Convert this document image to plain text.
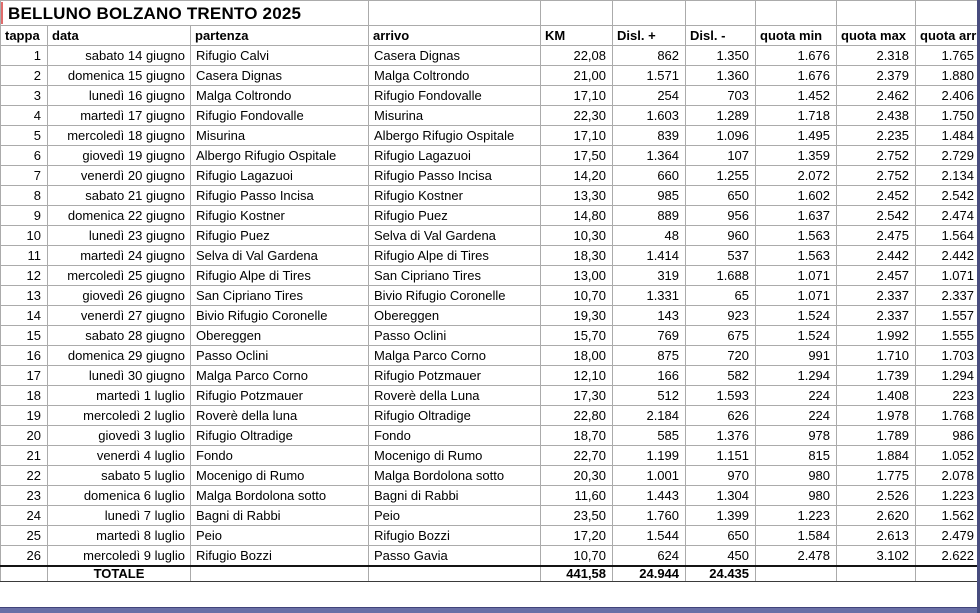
BELLUNO BOLZANO TRENTO 2025									
tappa	data	partenza	arrivo	KM	Disl. +	Disl. -	quota min	quota max	quota arr
1	sabato 14 giugno	Rifugio Calvi	Casera Dignas	22,08	862	1.350	1.676	2.318	1.765
2	domenica 15 giugno	Casera Dignas	Malga Coltrondo	21,00	1.571	1.360	1.676	2.379	1.880
3	lunedì 16 giugno	Malga Coltrondo	Rifugio Fondovalle	17,10	254	703	1.452	2.462	2.406
4	martedì 17 giugno	Rifugio Fondovalle	Misurina	22,30	1.603	1.289	1.718	2.438	1.750
5	mercoledì 18 giugno	Misurina	Albergo Rifugio Ospitale	17,10	839	1.096	1.495	2.235	1.484
6	giovedì 19 giugno	Albergo Rifugio Ospitale	Rifugio Lagazuoi	17,50	1.364	107	1.359	2.752	2.729
7	venerdì 20 giugno	Rifugio Lagazuoi	Rifugio Passo Incisa	14,20	660	1.255	2.072	2.752	2.134
8	sabato 21 giugno	Rifugio Passo Incisa	Rifugio Kostner	13,30	985	650	1.602	2.452	2.542
9	domenica 22 giugno	Rifugio Kostner	Rifugio Puez	14,80	889	956	1.637	2.542	2.474
10	lunedì 23 giugno	Rifugio Puez	Selva di Val Gardena	10,30	48	960	1.563	2.475	1.564
11	martedì 24 giugno	Selva di Val Gardena	Rifugio Alpe di Tires	18,30	1.414	537	1.563	2.442	2.442
12	mercoledì 25 giugno	Rifugio Alpe di Tires	San Cipriano Tires	13,00	319	1.688	1.071	2.457	1.071
13	giovedì 26 giugno	San Cipriano Tires	Bivio Rifugio Coronelle	10,70	1.331	65	1.071	2.337	2.337
14	venerdì 27 giugno	Bivio Rifugio Coronelle	Obereggen	19,30	143	923	1.524	2.337	1.557
15	sabato 28 giugno	Obereggen	Passo Oclini	15,70	769	675	1.524	1.992	1.555
16	domenica 29 giugno	Passo Oclini	Malga Parco Corno	18,00	875	720	991	1.710	1.703
17	lunedì 30 giugno	Malga Parco Corno	Rifugio Potzmauer	12,10	166	582	1.294	1.739	1.294
18	martedì 1 luglio	Rifugio Potzmauer	Roverè della Luna	17,30	512	1.593	224	1.408	223
19	mercoledì 2 luglio	Roverè della luna	Rifugio Oltradige	22,80	2.184	626	224	1.978	1.768
20	giovedì 3 luglio	Rifugio Oltradige	Fondo	18,70	585	1.376	978	1.789	986
21	venerdì 4 luglio	Fondo	Mocenigo di Rumo	22,70	1.199	1.151	815	1.884	1.052
22	sabato 5 luglio	Mocenigo di Rumo	Malga Bordolona sotto	20,30	1.001	970	980	1.775	2.078
23	domenica 6 luglio	Malga Bordolona sotto	Bagni di Rabbi	11,60	1.443	1.304	980	2.526	1.223
24	lunedì 7 luglio	Bagni di Rabbi	Peio	23,50	1.760	1.399	1.223	2.620	1.562
25	martedì 8 luglio	Peio	Rifugio Bozzi	17,20	1.544	650	1.584	2.613	2.479
26	mercoledì 9 luglio	Rifugio Bozzi	Passo Gavia	10,70	624	450	2.478	3.102	2.622
	TOTALE			441,58	24.944	24.435			
